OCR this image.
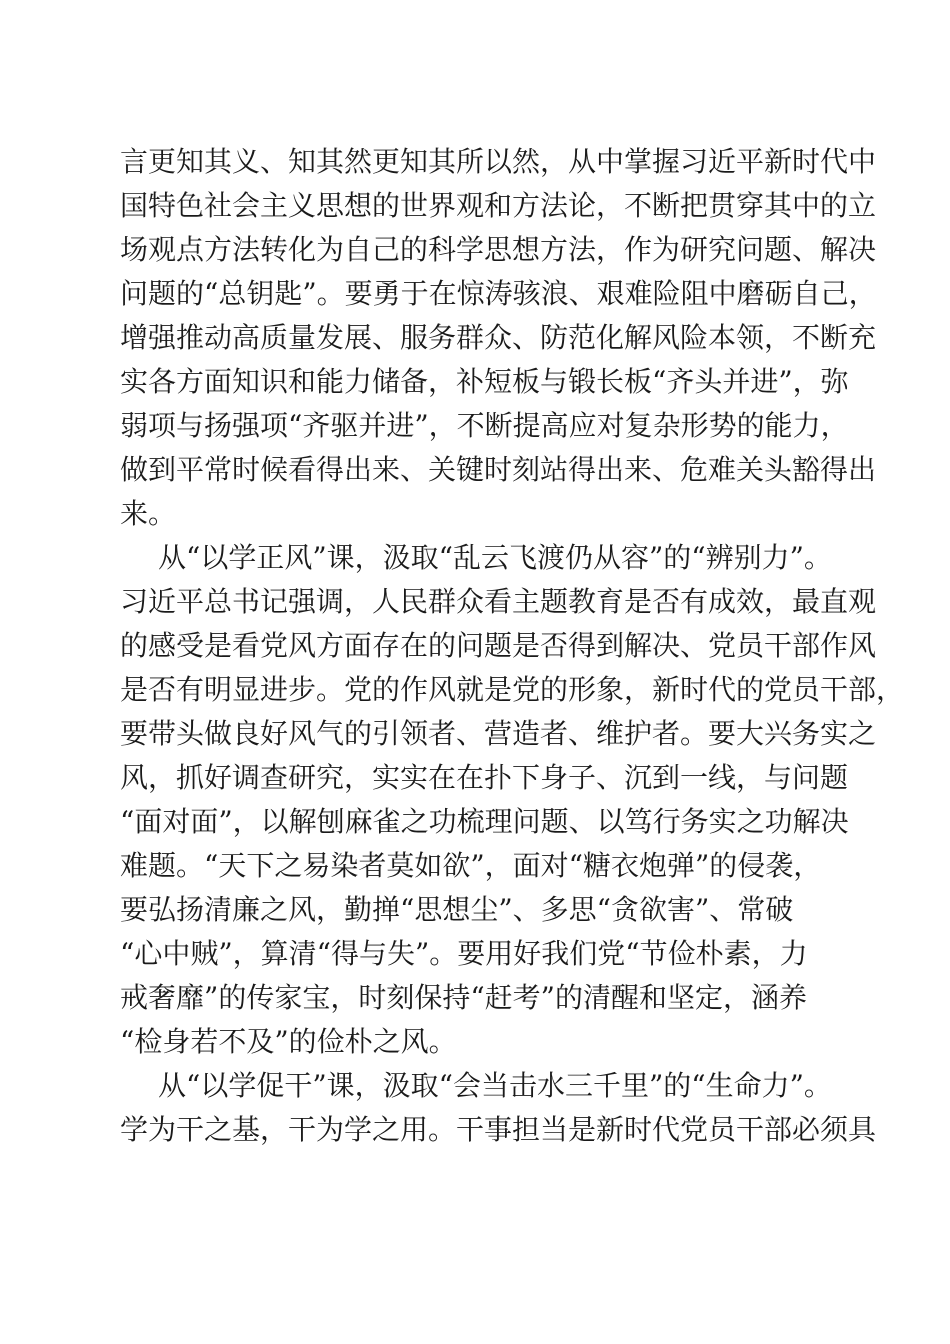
言更知其义、知其然更知其所以然，从中掌握习近平新时代中
国特色社会主义思想的世界观和方法论，不断把贯穿其中的立
场观点方法转化为自己的科学思想方法，作为研究问题、解决
问题的“总钥匙”。要勇于在惊涛骇浪、艰难险阻中磨砺自己，
增强推动高质量发展、服务群众、防范化解风险本领，不断充
实各方面知识和能力储备，补短板与锻长板“齐头并进”，弥
弱项与扬强项“齐驱并进”，不断提高应对复杂形势的能力，
做到平常时候看得出来、关键时刻站得出来、危难关头豁得出
来。
从“以学正风”课，汲取“乱云飞渡仍从容”的“辨别力”。
习近平总书记强调，人民群众看主题教育是否有成效，最直观
的感受是看党风方面存在的问题是否得到解决、党员干部作风
是否有明显进步。党的作风就是党的形象，新时代的党员干部，
要带头做良好风气的引领者、营造者、维护者。要大兴务实之
风，抓好调查研究，实实在在扑下身子、沉到一线，与问题
“面对面”，以解刨麻雀之功梳理问题、以笃行务实之功解决
难题。“天下之易染者莫如欲”，面对“糖衣炮弹”的侵袭，
要弘扬清廉之风，勤掸“思想尘”、多思“贪欲害”、常破
“心中贼”，算清“得与失”。要用好我们党“节俭朴素，力
戒奢靡”的传家宝，时刻保持“赶考”的清醒和坚定，涵养
“检身若不及”的俭朴之风。
从“以学促干”课，汲取“会当击水三千里”的“生命力”。
学为干之基，干为学之用。干事担当是新时代党员干部必须具
